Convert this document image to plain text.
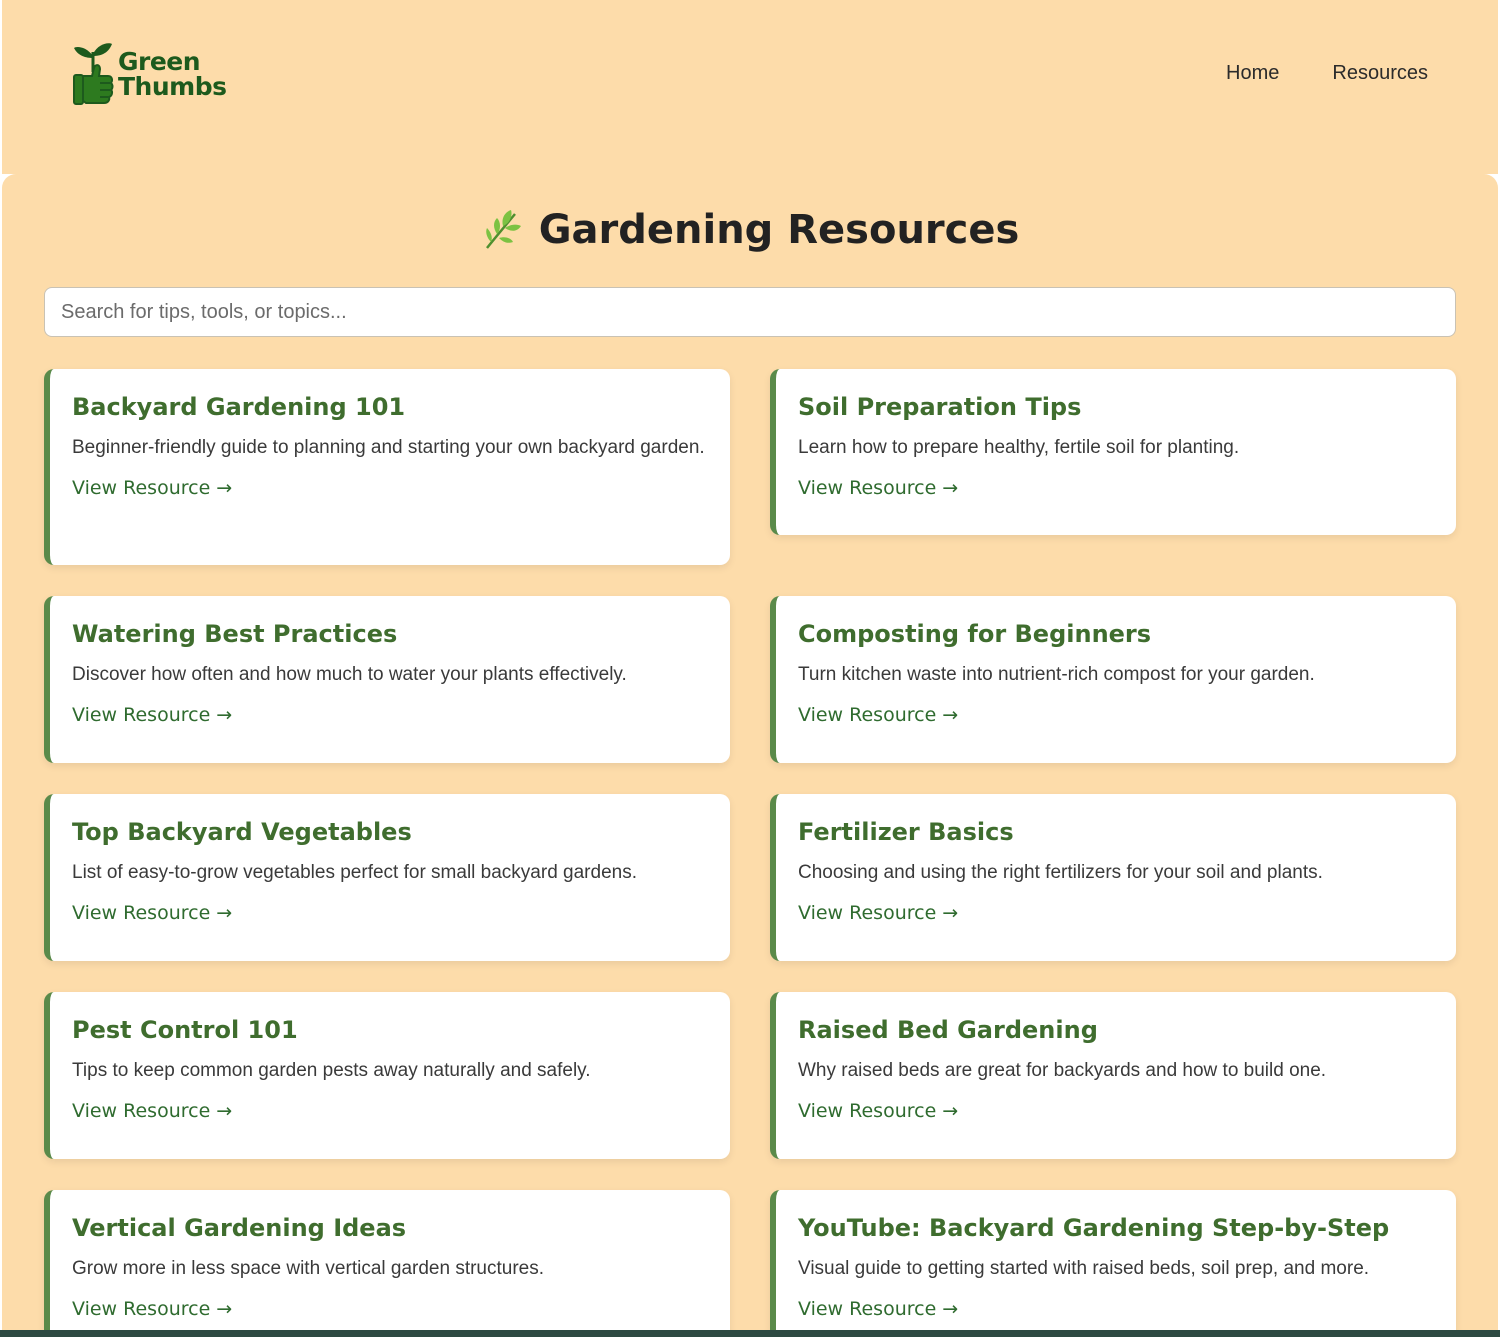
Green
Thumbs	Home	Resources
Gardening Resources
Search for tips, tools, or topics...
Backyard Gardening 101

Beginner-friendly guide to planning and starting your own backyard garden.

View Resource →
Soil Preparation Tips

Learn how to prepare healthy, fertile soil for planting.

View Resource →
Watering Best Practices

Discover how often and how much to water your plants effectively.

View Resource →
Composting for Beginners

Turn kitchen waste into nutrient-rich compost for your garden.

View Resource →
Top Backyard Vegetables

List of easy-to-grow vegetables perfect for small backyard gardens.

View Resource →
Fertilizer Basics

Choosing and using the right fertilizers for your soil and plants.

View Resource →
Pest Control 101

Tips to keep common garden pests away naturally and safely.

View Resource →
Raised Bed Gardening

Why raised beds are great for backyards and how to build one.

View Resource →
Vertical Gardening Ideas

Grow more in less space with vertical garden structures.

View Resource →
YouTube: Backyard Gardening Step-by-Step

Visual guide to getting started with raised beds, soil prep, and more.

View Resource →
